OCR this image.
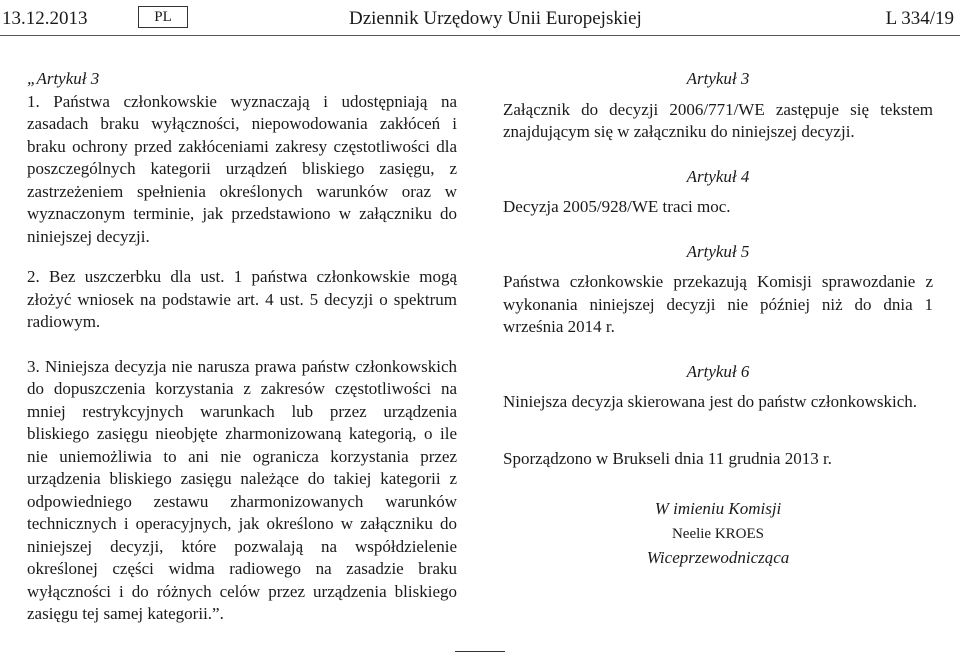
13.12.2013	PL	Dziennik Urzędowy Unii Europejskiej	L 334/19

„Artykuł 3

1. Państwa członkowskie wyznaczają i udostępniają na zasadach braku wyłączności, niepowodowania zakłóceń i braku ochrony przed zakłóceniami zakresy częstotliwości dla poszczególnych kategorii urządzeń bliskiego zasięgu, z zastrzeżeniem spełnienia określonych warunków oraz w wyznaczonym terminie, jak przedstawiono w załączniku do niniejszej decyzji.

2. Bez uszczerbku dla ust. 1 państwa członkowskie mogą złożyć wniosek na podstawie art. 4 ust. 5 decyzji o spektrum radiowym.

3. Niniejsza decyzja nie narusza prawa państw członkowskich do dopuszczenia korzystania z zakresów częstotliwości na mniej restrykcyjnych warunkach lub przez urządzenia bliskiego zasięgu nieobjęte zharmonizowaną kategorią, o ile nie uniemożliwia to ani nie ogranicza korzystania przez urządzenia bliskiego zasięgu należące do takiej kategorii z odpowiedniego zestawu zharmonizowanych warunków technicznych i operacyjnych, jak określono w załączniku do niniejszej decyzji, które pozwalają na współdzielenie określonej części widma radiowego na zasadzie braku wyłączności i do różnych celów przez urządzenia bliskiego zasięgu tej samej kategorii.”.

Artykuł 3

Załącznik do decyzji 2006/771/WE zastępuje się tekstem znajdującym się w załączniku do niniejszej decyzji.

Artykuł 4

Decyzja 2005/928/WE traci moc.

Artykuł 5

Państwa członkowskie przekazują Komisji sprawozdanie z wykonania niniejszej decyzji nie później niż do dnia 1 września 2014 r.

Artykuł 6

Niniejsza decyzja skierowana jest do państw członkowskich.

Sporządzono w Brukseli dnia 11 grudnia 2013 r.

W imieniu Komisji
Neelie KROES
Wiceprzewodnicząca
